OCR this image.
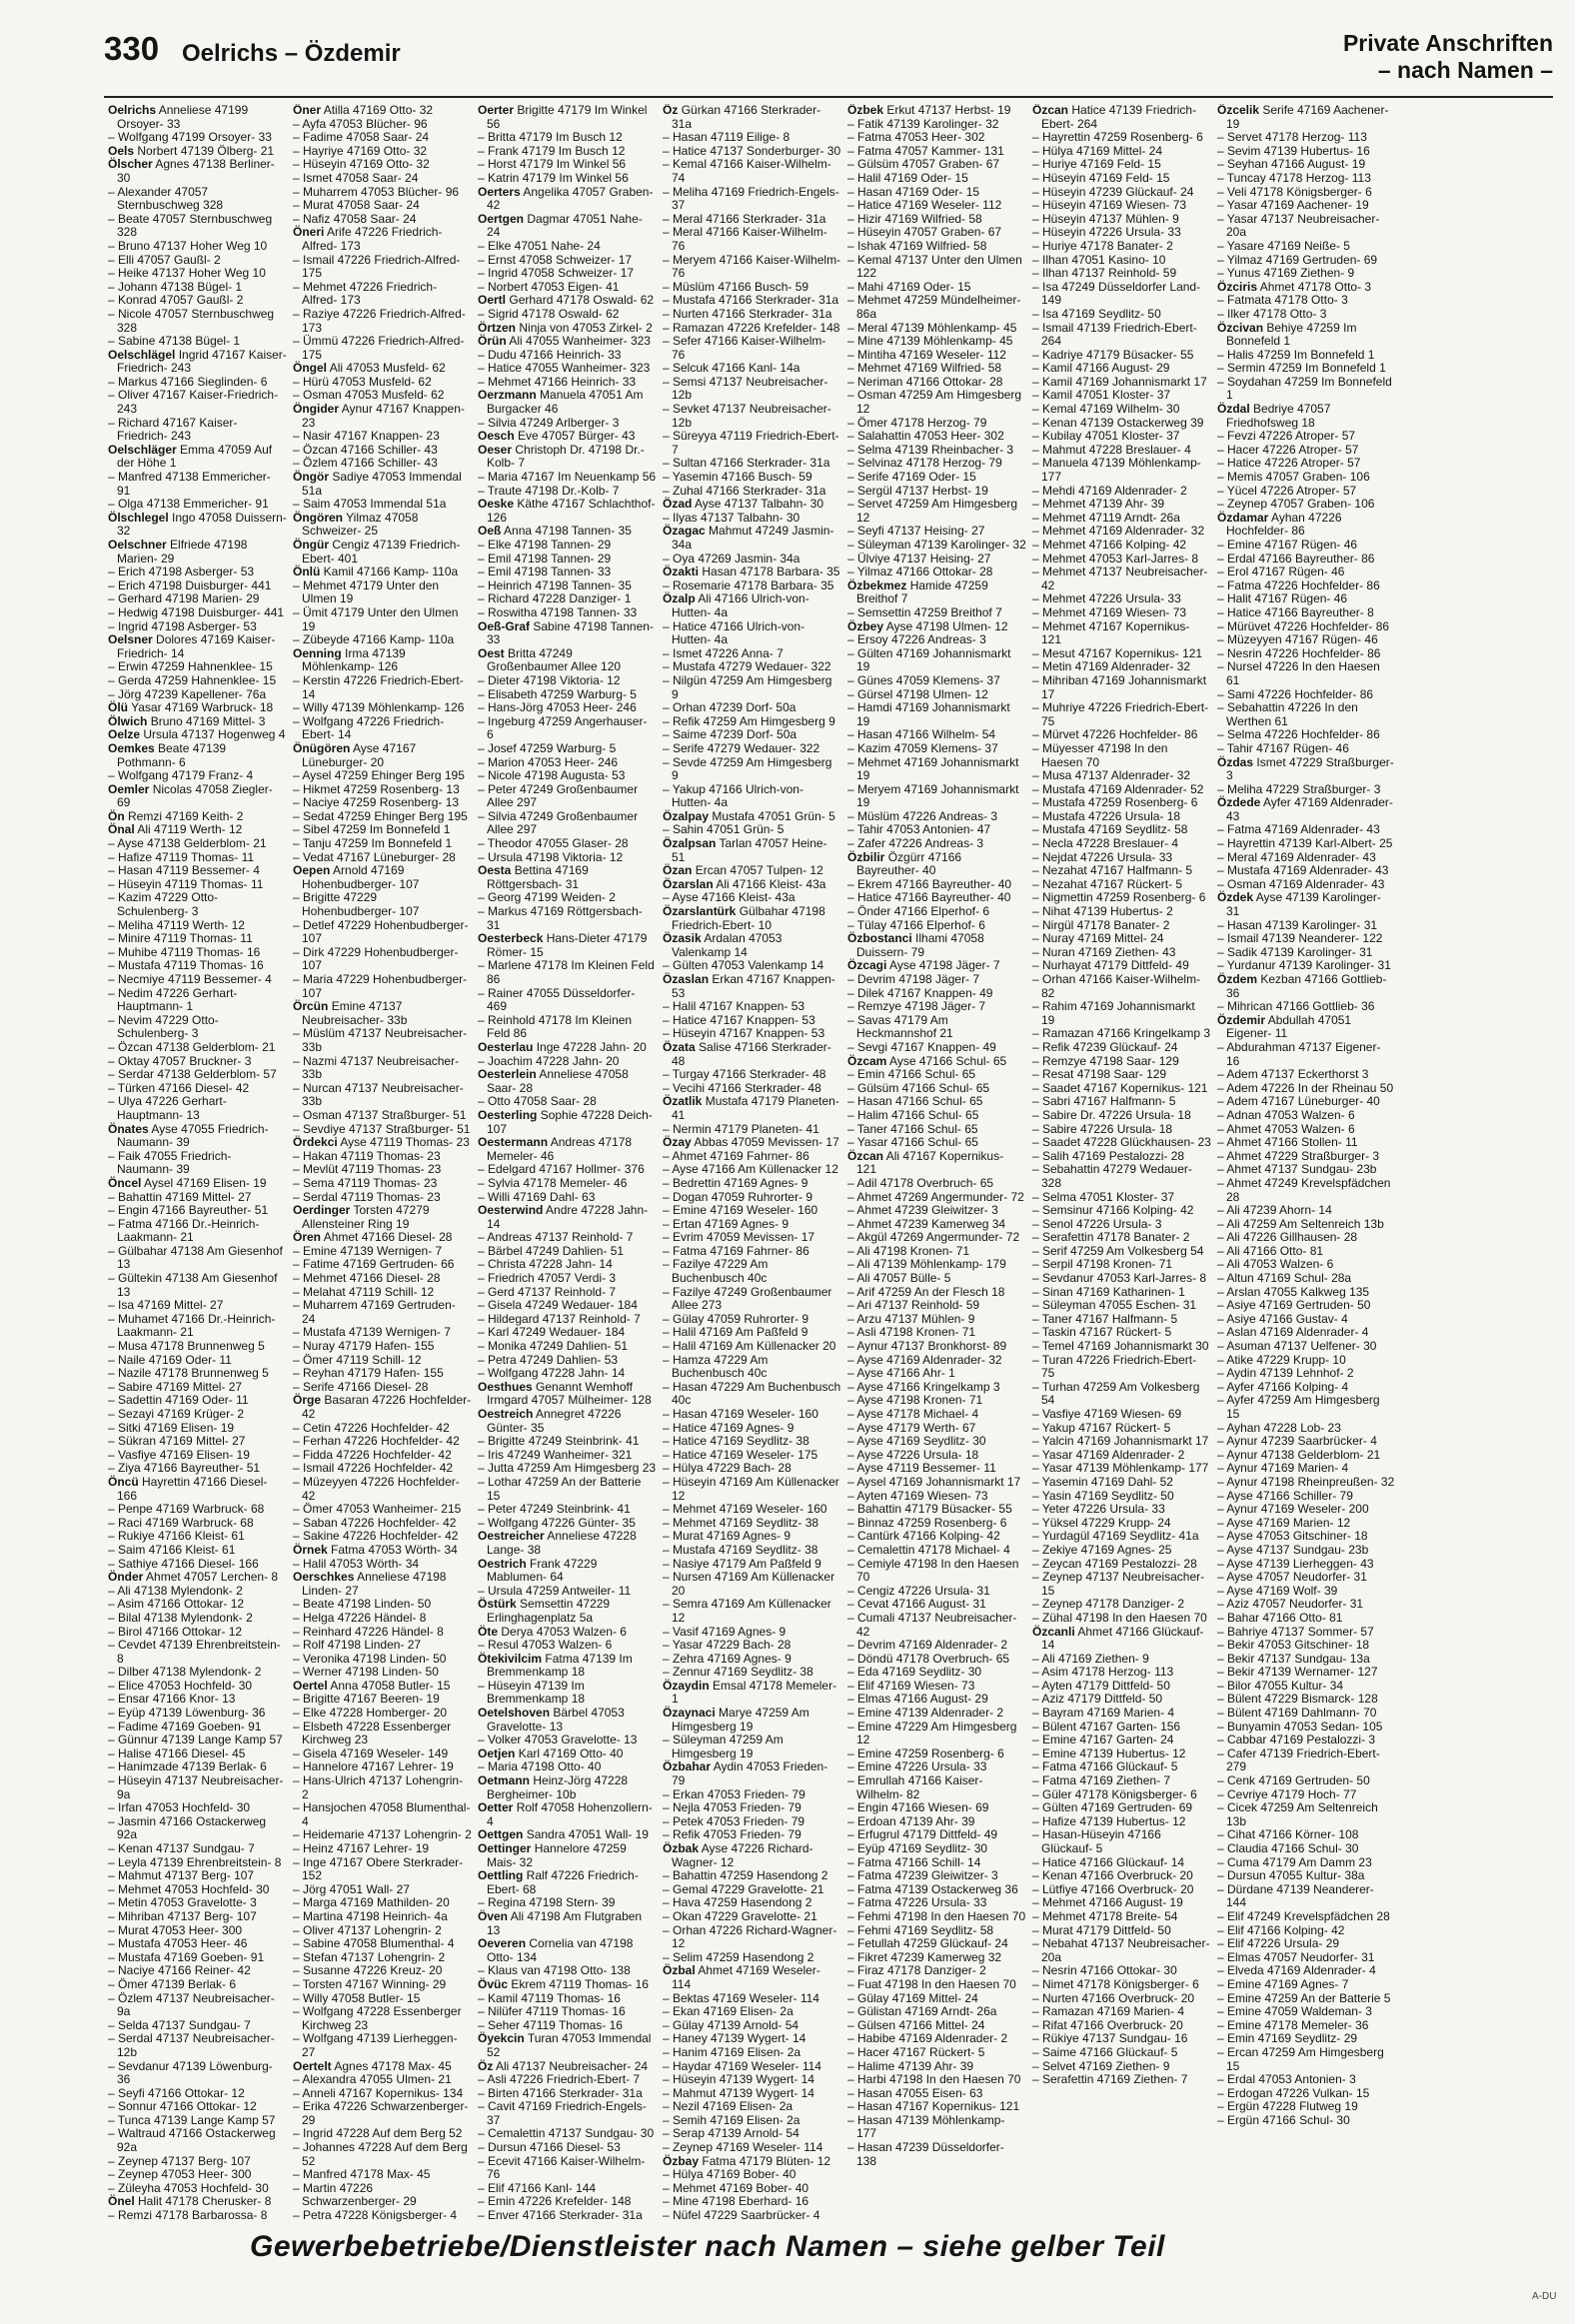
330 Oelrichs – Özdemir	Private Anschriften
– nach Namen –

Oelrichs Anneliese 47199 Orsoyer- 33

– Wolfgang 47199 Orsoyer- 33

Oels Norbert 47139 Ölberg- 21

Ölscher Agnes 47138 Berliner- 30

– Alexander 47057 Sternbuschweg 328

– Beate 47057 Sternbuschweg 328

– Bruno 47137 Hoher Weg 10

– Elli 47057 Gaußl- 2

– Heike 47137 Hoher Weg 10

– Johann 47138 Bügel- 1

– Konrad 47057 Gaußl- 2

– Nicole 47057 Sternbuschweg 328

– Sabine 47138 Bügel- 1

Oelschlägel Ingrid 47167 Kaiser-Friedrich- 243

– Markus 47166 Sieglinden- 6

– Oliver 47167 Kaiser-Friedrich- 243

– Richard 47167 Kaiser-Friedrich- 243

Oelschläger Emma 47059 Auf der Höhe 1

– Manfred 47138 Emmericher- 91

– Olga 47138 Emmericher- 91

Ölschlegel Ingo 47058 Duissern- 32

Oelschner Elfriede 47198 Marien- 29

– Erich 47198 Asberger- 53

– Erich 47198 Duisburger- 441

– Gerhard 47198 Marien- 29

– Hedwig 47198 Duisburger- 441

– Ingrid 47198 Asberger- 53

Oelsner Dolores 47169 Kaiser-Friedrich- 14

– Erwin 47259 Hahnenklee- 15

– Gerda 47259 Hahnenklee- 15

– Jörg 47239 Kapellener- 76a

Ölü Yasar 47169 Warbruck- 18

Ölwich Bruno 47169 Mittel- 3

Oelze Ursula 47137 Hogenweg 4

Oemkes Beate 47139 Pothmann- 6

– Wolfgang 47179 Franz- 4

Oemler Nicolas 47058 Ziegler- 69

Ön Remzi 47169 Keith- 2

Önal Ali 47119 Werth- 12

– Ayse 47138 Gelderblom- 21

– Hafize 47119 Thomas- 11

– Hasan 47119 Bessemer- 4

– Hüseyin 47119 Thomas- 11

– Kazim 47229 Otto-Schulenberg- 3

– Meliha 47119 Werth- 12

– Minire 47119 Thomas- 11

– Muhibe 47119 Thomas- 16

– Mustafa 47119 Thomas- 16

– Necmiye 47119 Bessemer- 4

– Nedim 47226 Gerhart-Hauptmann- 1

– Nevim 47229 Otto-Schulenberg- 3

– Özcan 47138 Gelderblom- 21

– Oktay 47057 Bruckner- 3

– Serdar 47138 Gelderblom- 57

– Türken 47166 Diesel- 42

– Ulya 47226 Gerhart-Hauptmann- 13

Önates Ayse 47055 Friedrich-Naumann- 39

– Faik 47055 Friedrich-Naumann- 39

Öncel Aysel 47169 Elisen- 19

– Bahattin 47169 Mittel- 27

– Engin 47166 Bayreuther- 51

– Fatma 47166 Dr.-Heinrich-Laakmann- 21

– Gülbahar 47138 Am Giesenhof 13

– Gültekin 47138 Am Giesenhof 13

– Isa 47169 Mittel- 27

– Muhamet 47166 Dr.-Heinrich-Laakmann- 21

– Musa 47178 Brunnenweg 5

– Naile 47169 Oder- 11

– Nazile 47178 Brunnenweg 5

– Sabire 47169 Mittel- 27

– Sadettin 47169 Oder- 11

– Sezayi 47169 Krüger- 2

– Sitki 47169 Elisen- 19

– Sükran 47169 Mittel- 27

– Vasfiye 47169 Elisen- 19

– Ziya 47166 Bayreuther- 51

Öncü Hayrettin 47166 Diesel- 166

– Penpe 47169 Warbruck- 68

– Raci 47169 Warbruck- 68

– Rukiye 47166 Kleist- 61

– Saim 47166 Kleist- 61

– Sathiye 47166 Diesel- 166

Önder Ahmet 47057 Lerchen- 8

– Ali 47138 Mylendonk- 2

– Asim 47166 Ottokar- 12

– Bilal 47138 Mylendonk- 2

– Birol 47166 Ottokar- 12

– Cevdet 47139 Ehrenbreitstein- 8

– Dilber 47138 Mylendonk- 2

– Elice 47053 Hochfeld- 30

– Ensar 47166 Knor- 13

– Eyüp 47139 Löwenburg- 36

– Fadime 47169 Goeben- 91

– Günnur 47139 Lange Kamp 57

– Halise 47166 Diesel- 45

– Hanimzade 47139 Berlak- 6

– Hüseyin 47137 Neubreisacher- 9a

– Irfan 47053 Hochfeld- 30

– Jasmin 47166 Ostackerweg 92a

– Kenan 47137 Sundgau- 7

– Leyla 47139 Ehrenbreitstein- 8

– Mahmut 47137 Berg- 107

– Mehmet 47053 Hochfeld- 30

– Metin 47053 Gravelotte- 3

– Mihriban 47137 Berg- 107

– Murat 47053 Heer- 300

– Mustafa 47053 Heer- 46

– Mustafa 47169 Goeben- 91

– Naciye 47166 Reiner- 42

– Ömer 47139 Berlak- 6

– Özlem 47137 Neubreisacher- 9a

– Selda 47137 Sundgau- 7

– Serdal 47137 Neubreisacher- 12b

– Sevdanur 47139 Löwenburg- 36

– Seyfi 47166 Ottokar- 12

– Sonnur 47166 Ottokar- 12

– Tunca 47139 Lange Kamp 57

– Waltraud 47166 Ostackerweg 92a

– Zeynep 47137 Berg- 107

– Zeynep 47053 Heer- 300

– Züleyha 47053 Hochfeld- 30

Önel Halit 47178 Cherusker- 8

– Remzi 47178 Barbarossa- 8

Öner Atilla 47169 Otto- 32

– Ayfa 47053 Blücher- 96

– Fadime 47058 Saar- 24

– Hayriye 47169 Otto- 32

– Hüseyin 47169 Otto- 32

– Ismet 47058 Saar- 24

– Muharrem 47053 Blücher- 96

– Murat 47058 Saar- 24

– Nafiz 47058 Saar- 24

Öneri Arife 47226 Friedrich-Alfred- 173

– Ismail 47226 Friedrich-Alfred- 175

– Mehmet 47226 Friedrich-Alfred- 173

– Raziye 47226 Friedrich-Alfred- 173

– Ümmü 47226 Friedrich-Alfred- 175

Öngel Ali 47053 Musfeld- 62

– Hürü 47053 Musfeld- 62

– Osman 47053 Musfeld- 62

Öngider Aynur 47167 Knappen- 23

– Nasir 47167 Knappen- 23

– Özcan 47166 Schiller- 43

– Özlem 47166 Schiller- 43

Öngör Sadiye 47053 Immendal 51a

– Saim 47053 Immendal 51a

Öngören Yilmaz 47058 Schweizer- 25

Öngür Cengiz 47139 Friedrich-Ebert- 401

Önlü Kamil 47166 Kamp- 110a

– Mehmet 47179 Unter den Ulmen 19

– Ümit 47179 Unter den Ulmen 19

– Zübeyde 47166 Kamp- 110a

Oenning Irma 47139 Möhlenkamp- 126

– Kerstin 47226 Friedrich-Ebert- 14

– Willy 47139 Möhlenkamp- 126

– Wolfgang 47226 Friedrich-Ebert- 14

Önügören Ayse 47167 Lüneburger- 20

– Aysel 47259 Ehinger Berg 195

– Hikmet 47259 Rosenberg- 13

– Naciye 47259 Rosenberg- 13

– Sedat 47259 Ehinger Berg 195

– Sibel 47259 Im Bonnefeld 1

– Tanju 47259 Im Bonnefeld 1

– Vedat 47167 Lüneburger- 28

Oepen Arnold 47169 Hohenbudberger- 107

– Brigitte 47229 Hohenbudberger- 107

– Detlef 47229 Hohenbudberger- 107

– Dirk 47229 Hohenbudberger- 107

– Maria 47229 Hohenbudberger- 107

Örcün Emine 47137 Neubreisacher- 33b

– Müslüm 47137 Neubreisacher- 33b

– Nazmi 47137 Neubreisacher- 33b

– Nurcan 47137 Neubreisacher- 33b

– Osman 47137 Straßburger- 51

– Sevdiye 47137 Straßburger- 51

Ördekci Ayse 47119 Thomas- 23

– Hakan 47119 Thomas- 23

– Mevlüt 47119 Thomas- 23

– Sema 47119 Thomas- 23

– Serdal 47119 Thomas- 23

Oerdinger Torsten 47279 Allensteiner Ring 19

Ören Ahmet 47166 Diesel- 28

– Emine 47139 Wernigen- 7

– Fatime 47169 Gertruden- 66

– Mehmet 47166 Diesel- 28

– Melahat 47119 Schill- 12

– Muharrem 47169 Gertruden- 24

– Mustafa 47139 Wernigen- 7

– Nuray 47179 Hafen- 155

– Ömer 47119 Schill- 12

– Reyhan 47179 Hafen- 155

– Serife 47166 Diesel- 28

Örge Basaran 47226 Hochfelder- 42

– Cetin 47226 Hochfelder- 42

– Ferhan 47226 Hochfelder- 42

– Fidda 47226 Hochfelder- 42

– Ismail 47226 Hochfelder- 42

– Müzeyyen 47226 Hochfelder- 42

– Ömer 47053 Wanheimer- 215

– Saban 47226 Hochfelder- 42

– Sakine 47226 Hochfelder- 42

Örnek Fatma 47053 Wörth- 34

– Halil 47053 Wörth- 34

Oerschkes Anneliese 47198 Linden- 27

– Beate 47198 Linden- 50

– Helga 47226 Händel- 8

– Reinhard 47226 Händel- 8

– Rolf 47198 Linden- 27

– Veronika 47198 Linden- 50

– Werner 47198 Linden- 50

Oertel Anna 47058 Butler- 15

– Brigitte 47167 Beeren- 19

– Elke 47228 Homberger- 20

– Elsbeth 47228 Essenberger Kirchweg 23

– Gisela 47169 Weseler- 149

– Hannelore 47167 Lehrer- 19

– Hans-Ulrich 47137 Lohengrin- 2

– Hansjochen 47058 Blumenthal- 4

– Heidemarie 47137 Lohengrin- 2

– Heinz 47167 Lehrer- 19

– Inge 47167 Obere Sterkrader- 152

– Jörg 47051 Wall- 27

– Marga 47169 Mathilden- 20

– Martina 47198 Heinrich- 4a

– Oliver 47137 Lohengrin- 2

– Sabine 47058 Blumenthal- 4

– Stefan 47137 Lohengrin- 2

– Susanne 47226 Kreuz- 20

– Torsten 47167 Winning- 29

– Willy 47058 Butler- 15

– Wolfgang 47228 Essenberger Kirchweg 23

– Wolfgang 47139 Lierheggen- 27

Oertelt Agnes 47178 Max- 45

– Alexandra 47055 Ulmen- 21

– Anneli 47167 Kopernikus- 134

– Erika 47226 Schwarzenberger- 29

– Ingrid 47228 Auf dem Berg 52

– Johannes 47228 Auf dem Berg 52

– Manfred 47178 Max- 45

– Martin 47226 Schwarzenberger- 29

– Petra 47228 Königsberger- 4

Oerter Brigitte 47179 Im Winkel 56

– Britta 47179 Im Busch 12

– Frank 47179 Im Busch 12

– Horst 47179 Im Winkel 56

– Katrin 47179 Im Winkel 56

Oerters Angelika 47057 Graben- 42

Oertgen Dagmar 47051 Nahe- 24

– Elke 47051 Nahe- 24

– Ernst 47058 Schweizer- 17

– Ingrid 47058 Schweizer- 17

– Norbert 47053 Eigen- 41

Oertl Gerhard 47178 Oswald- 62

– Sigrid 47178 Oswald- 62

Örtzen Ninja von 47053 Zirkel- 2

Örün Ali 47055 Wanheimer- 323

– Dudu 47166 Heinrich- 33

– Hatice 47055 Wanheimer- 323

– Mehmet 47166 Heinrich- 33

Oerzmann Manuela 47051 Am Burgacker 46

– Silvia 47249 Arlberger- 3

Oesch Eve 47057 Bürger- 43

Oeser Christoph Dr. 47198 Dr.-Kolb- 7

– Maria 47167 Im Neuenkamp 56

– Traute 47198 Dr.-Kolb- 7

Oeske Käthe 47167 Schlachthof- 126

Oeß Anna 47198 Tannen- 35

– Elke 47198 Tannen- 29

– Emil 47198 Tannen- 29

– Emil 47198 Tannen- 33

– Heinrich 47198 Tannen- 35

– Richard 47228 Danziger- 1

– Roswitha 47198 Tannen- 33

Oeß-Graf Sabine 47198 Tannen- 33

Oest Britta 47249 Großenbaumer Allee 120

– Dieter 47198 Viktoria- 12

– Elisabeth 47259 Warburg- 5

– Hans-Jörg 47053 Heer- 246

– Ingeburg 47259 Angerhauser- 6

– Josef 47259 Warburg- 5

– Marion 47053 Heer- 246

– Nicole 47198 Augusta- 53

– Peter 47249 Großenbaumer Allee 297

– Silvia 47249 Großenbaumer Allee 297

– Theodor 47055 Glaser- 28

– Ursula 47198 Viktoria- 12

Oesta Bettina 47169 Röttgersbach- 31

– Georg 47199 Weiden- 2

– Markus 47169 Röttgersbach- 31

Oesterbeck Hans-Dieter 47179 Römer- 15

– Marlene 47178 Im Kleinen Feld 86

– Rainer 47055 Düsseldorfer- 469

– Reinhold 47178 Im Kleinen Feld 86

Oesterlau Inge 47228 Jahn- 20

– Joachim 47228 Jahn- 20

Oesterlein Anneliese 47058 Saar- 28

– Otto 47058 Saar- 28

Oesterling Sophie 47228 Deich- 107

Oestermann Andreas 47178 Memeler- 46

– Edelgard 47167 Hollmer- 376

– Sylvia 47178 Memeler- 46

– Willi 47169 Dahl- 63

Oesterwind Andre 47228 Jahn- 14

– Andreas 47137 Reinhold- 7

– Bärbel 47249 Dahlien- 51

– Christa 47228 Jahn- 14

– Friedrich 47057 Verdi- 3

– Gerd 47137 Reinhold- 7

– Gisela 47249 Wedauer- 184

– Hildegard 47137 Reinhold- 7

– Karl 47249 Wedauer- 184

– Monika 47249 Dahlien- 51

– Petra 47249 Dahlien- 53

– Wolfgang 47228 Jahn- 14

Oesthues Genannt Wemhoff Irmgard 47057 Mülheimer- 128

Oestreich Annegret 47226 Günter- 35

– Brigitte 47249 Steinbrink- 41

– Iris 47249 Wanheimer- 321

– Jutta 47259 Am Himgesberg 23

– Lothar 47259 An der Batterie 15

– Peter 47249 Steinbrink- 41

– Wolfgang 47226 Günter- 35

Oestreicher Anneliese 47228 Lange- 38

Oestrich Frank 47229 Mablumen- 64

– Ursula 47259 Antweiler- 11

Östürk Semsettin 47229 Erlinghagenplatz 5a

Öte Derya 47053 Walzen- 6

– Resul 47053 Walzen- 6

Ötekivilcim Fatma 47139 Im Bremmenkamp 18

– Hüseyin 47139 Im Bremmenkamp 18

Oetelshoven Bärbel 47053 Gravelotte- 13

– Volker 47053 Gravelotte- 13

Oetjen Karl 47169 Otto- 40

– Maria 47198 Otto- 40

Oetmann Heinz-Jörg 47228 Bergheimer- 10b

Oetter Rolf 47058 Hohenzollern- 4

Oettgen Sandra 47051 Wall- 19

Oettinger Hannelore 47259 Mais- 32

Oettling Ralf 47226 Friedrich-Ebert- 68

– Regina 47198 Stern- 39

Öven Ali 47198 Am Flutgraben 13

Oeveren Cornelia van 47198 Otto- 134

– Klaus van 47198 Otto- 138

Övüc Ekrem 47119 Thomas- 16

– Kamil 47119 Thomas- 16

– Nilüfer 47119 Thomas- 16

– Seher 47119 Thomas- 16

Öyekcin Turan 47053 Immendal 52

Öz Ali 47137 Neubreisacher- 24

– Asli 47226 Friedrich-Ebert- 7

– Birten 47166 Sterkrader- 31a

– Cavit 47169 Friedrich-Engels- 37

– Cemalettin 47137 Sundgau- 30

– Dursun 47166 Diesel- 53

– Ecevit 47166 Kaiser-Wilhelm- 76

– Elif 47166 Kanl- 144

– Emin 47226 Krefelder- 148

– Enver 47166 Sterkrader- 31a

Öz Gürkan 47166 Sterkrader- 31a

– Hasan 47119 Eilige- 8

– Hatice 47137 Sonderburger- 30

– Kemal 47166 Kaiser-Wilhelm- 74

– Meliha 47169 Friedrich-Engels- 37

– Meral 47166 Sterkrader- 31a

– Meral 47166 Kaiser-Wilhelm- 76

– Meryem 47166 Kaiser-Wilhelm- 76

– Müslüm 47166 Busch- 59

– Mustafa 47166 Sterkrader- 31a

– Nurten 47166 Sterkrader- 31a

– Ramazan 47226 Krefelder- 148

– Sefer 47166 Kaiser-Wilhelm- 76

– Selcuk 47166 Kanl- 14a

– Semsi 47137 Neubreisacher- 12b

– Sevket 47137 Neubreisacher- 12b

– Süreyya 47119 Friedrich-Ebert- 7

– Sultan 47166 Sterkrader- 31a

– Yasemin 47166 Busch- 59

– Zuhal 47166 Sterkrader- 31a

Özad Ayse 47137 Talbahn- 30

– Ilyas 47137 Talbahn- 30

Özagac Mahmut 47249 Jasmin- 34a

– Oya 47269 Jasmin- 34a

Özakti Hasan 47178 Barbara- 35

– Rosemarie 47178 Barbara- 35

Özalp Ali 47166 Ulrich-von-Hutten- 4a

– Hatice 47166 Ulrich-von-Hutten- 4a

– Ismet 47226 Anna- 7

– Mustafa 47279 Wedauer- 322

– Nilgün 47259 Am Himgesberg 9

– Orhan 47239 Dorf- 50a

– Refik 47259 Am Himgesberg 9

– Saime 47239 Dorf- 50a

– Serife 47279 Wedauer- 322

– Sevde 47259 Am Himgesberg 9

– Yakup 47166 Ulrich-von-Hutten- 4a

Özalpay Mustafa 47051 Grün- 5

– Sahin 47051 Grün- 5

Özalpsan Tarlan 47057 Heine- 51

Özan Ercan 47057 Tulpen- 12

Özarslan Ali 47166 Kleist- 43a

– Ayse 47166 Kleist- 43a

Özarslantürk Gülbahar 47198 Friedrich-Ebert- 10

Özasik Ardalan 47053 Valenkamp 14

– Gülten 47053 Valenkamp 14

Özaslan Erkan 47167 Knappen- 53

– Halil 47167 Knappen- 53

– Hatice 47167 Knappen- 53

– Hüseyin 47167 Knappen- 53

Özata Salise 47166 Sterkrader- 48

– Turgay 47166 Sterkrader- 48

– Vecihi 47166 Sterkrader- 48

Özatlik Mustafa 47179 Planeten- 41

– Nermin 47179 Planeten- 41

Özay Abbas 47059 Mevissen- 17

– Ahmet 47169 Fahrner- 86

– Ayse 47166 Am Küllenacker 12

– Bedrettin 47169 Agnes- 9

– Dogan 47059 Ruhrorter- 9

– Emine 47169 Weseler- 160

– Ertan 47169 Agnes- 9

– Evrim 47059 Mevissen- 17

– Fatma 47169 Fahrner- 86

– Fazilye 47229 Am Buchenbusch 40c

– Fazilye 47249 Großenbaumer Allee 273

– Gülay 47059 Ruhrorter- 9

– Halil 47169 Am Paßfeld 9

– Halil 47169 Am Küllenacker 20

– Hamza 47229 Am Buchenbusch 40c

– Hasan 47229 Am Buchenbusch 40c

– Hasan 47169 Weseler- 160

– Hatice 47169 Agnes- 9

– Hatice 47169 Seydlitz- 38

– Hatice 47169 Weseler- 175

– Hülya 47229 Bach- 28

– Hüseyin 47169 Am Küllenacker 12

– Mehmet 47169 Weseler- 160

– Mehmet 47169 Seydlitz- 38

– Murat 47169 Agnes- 9

– Mustafa 47169 Seydlitz- 38

– Nasiye 47179 Am Paßfeld 9

– Nursen 47169 Am Küllenacker 20

– Semra 47169 Am Küllenacker 12

– Vasif 47169 Agnes- 9

– Yasar 47229 Bach- 28

– Zehra 47169 Agnes- 9

– Zennur 47169 Seydlitz- 38

Özaydin Emsal 47178 Memeler- 1

Özaynaci Marye 47259 Am Himgesberg 19

– Süleyman 47259 Am Himgesberg 19

Özbahar Aydin 47053 Frieden- 79

– Erkan 47053 Frieden- 79

– Nejla 47053 Frieden- 79

– Petek 47053 Frieden- 79

– Refik 47053 Frieden- 79

Özbak Ayse 47226 Richard-Wagner- 12

– Bahattin 47259 Hasendong 2

– Gemal 47229 Gravelotte- 21

– Hava 47259 Hasendong 2

– Okan 47229 Gravelotte- 21

– Orhan 47226 Richard-Wagner- 12

– Selim 47259 Hasendong 2

Özbal Ahmet 47169 Weseler- 114

– Bektas 47169 Weseler- 114

– Ekan 47169 Elisen- 2a

– Gülay 47139 Arnold- 54

– Haney 47139 Wygert- 14

– Hanim 47169 Elisen- 2a

– Haydar 47169 Weseler- 114

– Hüseyin 47139 Wygert- 14

– Mahmut 47139 Wygert- 14

– Nezil 47169 Elisen- 2a

– Semih 47169 Elisen- 2a

– Serap 47139 Arnold- 54

– Zeynep 47169 Weseler- 114

Özbay Fatma 47179 Blüten- 12

– Hülya 47169 Bober- 40

– Mehmet 47169 Bober- 40

– Mine 47198 Eberhard- 16

– Nüfel 47229 Saarbrücker- 4

Özbek Erkut 47137 Herbst- 19

– Fatik 47139 Karolinger- 32

– Fatma 47053 Heer- 302

– Fatma 47057 Kammer- 131

– Gülsüm 47057 Graben- 67

– Halil 47169 Oder- 15

– Hasan 47169 Oder- 15

– Hatice 47169 Weseler- 112

– Hizir 47169 Wilfried- 58

– Hüseyin 47057 Graben- 67

– Ishak 47169 Wilfried- 58

– Kemal 47137 Unter den Ulmen 122

– Mahi 47169 Oder- 15

– Mehmet 47259 Mündelheimer- 86a

– Meral 47139 Möhlenkamp- 45

– Mine 47139 Möhlenkamp- 45

– Mintiha 47169 Weseler- 112

– Mehmet 47169 Wilfried- 58

– Neriman 47166 Ottokar- 28

– Osman 47259 Am Himgesberg 12

– Ömer 47178 Herzog- 79

– Salahattin 47053 Heer- 302

– Selma 47139 Rheinbacher- 3

– Selvinaz 47178 Herzog- 79

– Serife 47169 Oder- 15

– Sergül 47137 Herbst- 19

– Servet 47259 Am Himgesberg 12

– Seyfi 47137 Heising- 27

– Süleyman 47139 Karolinger- 32

– Ülviye 47137 Heising- 27

– Yilmaz 47166 Ottokar- 28

Özbekmez Hamide 47259 Breithof 7

– Semsettin 47259 Breithof 7

Özbey Ayse 47198 Ulmen- 12

– Ersoy 47226 Andreas- 3

– Gülten 47169 Johannismarkt 19

– Günes 47059 Klemens- 37

– Gürsel 47198 Ulmen- 12

– Hamdi 47169 Johannismarkt 19

– Hasan 47166 Wilhelm- 54

– Kazim 47059 Klemens- 37

– Mehmet 47169 Johannismarkt 19

– Meryem 47169 Johannismarkt 19

– Müslüm 47226 Andreas- 3

– Tahir 47053 Antonien- 47

– Zafer 47226 Andreas- 3

Özbilir Özgürr 47166 Bayreuther- 40

– Ekrem 47166 Bayreuther- 40

– Hatice 47166 Bayreuther- 40

– Önder 47166 Elperhof- 6

– Tülay 47166 Elperhof- 6

Özbostanci Ilhami 47058 Duissern- 79

Özcagi Ayse 47198 Jäger- 7

– Devrim 47198 Jäger- 7

– Dilek 47167 Knappen- 49

– Remzye 47198 Jäger- 7

– Savas 47179 Am Heckmannshof 21

– Sevgi 47167 Knappen- 49

Özcam Ayse 47166 Schul- 65

– Emin 47166 Schul- 65

– Gülsüm 47166 Schul- 65

– Hasan 47166 Schul- 65

– Halim 47166 Schul- 65

– Taner 47166 Schul- 65

– Yasar 47166 Schul- 65

Özcan Ali 47167 Kopernikus- 121

– Adil 47178 Overbruch- 65

– Ahmet 47269 Angermunder- 72

– Ahmet 47239 Gleiwitzer- 3

– Ahmet 47239 Kamerweg 34

– Akgül 47269 Angermunder- 72

– Ali 47198 Kronen- 71

– Ali 47139 Möhlenkamp- 179

– Ali 47057 Bülle- 5

– Arif 47259 An der Flesch 18

– Ari 47137 Reinhold- 59

– Arzu 47137 Mühlen- 9

– Asli 47198 Kronen- 71

– Aynur 47137 Bronkhorst- 89

– Ayse 47169 Aldenrader- 32

– Ayse 47166 Ahr- 1

– Ayse 47166 Kringelkamp 3

– Ayse 47198 Kronen- 71

– Ayse 47178 Michael- 4

– Ayse 47179 Werth- 67

– Ayse 47169 Seydlitz- 30

– Ayse 47226 Ursula- 18

– Ayse 47119 Bessemer- 11

– Aysel 47169 Johannismarkt 17

– Ayten 47169 Wiesen- 73

– Bahattin 47179 Büsacker- 55

– Binnaz 47259 Rosenberg- 6

– Cantürk 47166 Kolping- 42

– Cemalettin 47178 Michael- 4

– Cemiyle 47198 In den Haesen 70

– Cengiz 47226 Ursula- 31

– Cevat 47166 August- 31

– Cumali 47137 Neubreisacher- 42

– Devrim 47169 Aldenrader- 2

– Döndü 47178 Overbruch- 65

– Eda 47169 Seydlitz- 30

– Elif 47169 Wiesen- 73

– Elmas 47166 August- 29

– Emine 47139 Aldenrader- 2

– Emine 47229 Am Himgesberg 12

– Emine 47259 Rosenberg- 6

– Emine 47226 Ursula- 33

– Emrullah 47166 Kaiser-Wilhelm- 82

– Engin 47166 Wiesen- 69

– Erdoan 47139 Ahr- 39

– Erfugrul 47179 Dittfeld- 49

– Eyüp 47169 Seydlitz- 30

– Fatma 47166 Schill- 14

– Fatma 47239 Gleiwitzer- 3

– Fatma 47139 Ostackerweg 36

– Fatma 47226 Ursula- 33

– Fehmi 47198 In den Haesen 70

– Fehmi 47169 Seydlitz- 58

– Fetullah 47259 Glückauf- 24

– Fikret 47239 Kamerweg 32

– Firaz 47178 Danziger- 2

– Fuat 47198 In den Haesen 70

– Gülay 47169 Mittel- 24

– Gülistan 47169 Arndt- 26a

– Gülsen 47166 Mittel- 24

– Habibe 47169 Aldenrader- 2

– Hacer 47167 Rückert- 5

– Halime 47139 Ahr- 39

– Harbi 47198 In den Haesen 70

– Hasan 47055 Eisen- 63

– Hasan 47167 Kopernikus- 121

– Hasan 47139 Möhlenkamp- 177

– Hasan 47239 Düsseldorfer- 138

Özcan Hatice 47139 Friedrich-Ebert- 264

– Hayrettin 47259 Rosenberg- 6

– Hülya 47169 Mittel- 24

– Huriye 47169 Feld- 15

– Hüseyin 47169 Feld- 15

– Hüseyin 47239 Glückauf- 24

– Hüseyin 47169 Wiesen- 73

– Hüseyin 47137 Mühlen- 9

– Hüseyin 47226 Ursula- 33

– Huriye 47178 Banater- 2

– Ilhan 47051 Kasino- 10

– Ilhan 47137 Reinhold- 59

– Isa 47249 Düsseldorfer Land- 149

– Isa 47169 Seydlitz- 50

– Ismail 47139 Friedrich-Ebert- 264

– Kadriye 47179 Büsacker- 55

– Kamil 47166 August- 29

– Kamil 47169 Johannismarkt 17

– Kamil 47051 Kloster- 37

– Kemal 47169 Wilhelm- 30

– Kenan 47139 Ostackerweg 39

– Kubilay 47051 Kloster- 37

– Mahmut 47228 Breslauer- 4

– Manuela 47139 Möhlenkamp- 177

– Mehdi 47169 Aldenrader- 2

– Mehmet 47139 Ahr- 39

– Mehmet 47119 Arndt- 26a

– Mehmet 47169 Aldenrader- 32

– Mehmet 47166 Kolping- 42

– Mehmet 47053 Karl-Jarres- 8

– Mehmet 47137 Neubreisacher- 42

– Mehmet 47226 Ursula- 33

– Mehmet 47169 Wiesen- 73

– Mehmet 47167 Kopernikus- 121

– Mesut 47167 Kopernikus- 121

– Metin 47169 Aldenrader- 32

– Mihriban 47169 Johannismarkt 17

– Muhriye 47226 Friedrich-Ebert- 75

– Mürvet 47226 Hochfelder- 86

– Müyesser 47198 In den Haesen 70

– Musa 47137 Aldenrader- 32

– Mustafa 47169 Aldenrader- 52

– Mustafa 47259 Rosenberg- 6

– Mustafa 47226 Ursula- 18

– Mustafa 47169 Seydlitz- 58

– Necla 47228 Breslauer- 4

– Nejdat 47226 Ursula- 33

– Nezahat 47167 Halfmann- 5

– Nezahat 47167 Rückert- 5

– Nigmettin 47259 Rosenberg- 6

– Nihat 47139 Hubertus- 2

– Nirgül 47178 Banater- 2

– Nuray 47169 Mittel- 24

– Nuran 47169 Ziethen- 43

– Nurhayat 47179 Dittfeld- 49

– Orhan 47166 Kaiser-Wilhelm- 82

– Rahim 47169 Johannismarkt 19

– Ramazan 47166 Kringelkamp 3

– Refik 47239 Glückauf- 24

– Remzye 47198 Saar- 129

– Resat 47198 Saar- 129

– Saadet 47167 Kopernikus- 121

– Sabri 47167 Halfmann- 5

– Sabire Dr. 47226 Ursula- 18

– Sabire 47226 Ursula- 18

– Saadet 47228 Glückhausen- 23

– Salih 47169 Pestalozzi- 28

– Sebahattin 47279 Wedauer- 328

– Selma 47051 Kloster- 37

– Semsinur 47166 Kolping- 42

– Senol 47226 Ursula- 3

– Serafettin 47178 Banater- 2

– Serif 47259 Am Volkesberg 54

– Serpil 47198 Kronen- 71

– Sevdanur 47053 Karl-Jarres- 8

– Sinan 47169 Katharinen- 1

– Süleyman 47055 Eschen- 31

– Taner 47167 Halfmann- 5

– Taskin 47167 Rückert- 5

– Temel 47169 Johannismarkt 30

– Turan 47226 Friedrich-Ebert- 75

– Turhan 47259 Am Volkesberg 54

– Vasfiye 47169 Wiesen- 69

– Yakup 47167 Rückert- 5

– Yalcin 47169 Johannismarkt 17

– Yasar 47169 Aldenrader- 2

– Yasar 47139 Möhlenkamp- 177

– Yasemin 47169 Dahl- 52

– Yasin 47169 Seydlitz- 50

– Yeter 47226 Ursula- 33

– Yüksel 47229 Krupp- 24

– Yurdagül 47169 Seydlitz- 41a

– Zekiye 47169 Agnes- 25

– Zeycan 47169 Pestalozzi- 28

– Zeynep 47137 Neubreisacher- 15

– Zeynep 47178 Danziger- 2

– Zühal 47198 In den Haesen 70

Özcanli Ahmet 47166 Glückauf- 14

– Ali 47169 Ziethen- 9

– Asim 47178 Herzog- 113

– Ayten 47179 Dittfeld- 50

– Aziz 47179 Dittfeld- 50

– Bayram 47169 Marien- 4

– Bülent 47167 Garten- 156

– Emine 47167 Garten- 24

– Emine 47139 Hubertus- 12

– Fatma 47166 Glückauf- 5

– Fatma 47169 Ziethen- 7

– Güler 47178 Königsberger- 6

– Gülten 47169 Gertruden- 69

– Hafize 47139 Hubertus- 12

– Hasan-Hüseyin 47166 Glückauf- 5

– Hatice 47166 Glückauf- 14

– Kenan 47166 Overbruck- 20

– Lütfiye 47166 Overbruck- 20

– Mehmet 47166 August- 19

– Mehmet 47178 Breite- 54

– Murat 47179 Dittfeld- 50

– Nebahat 47137 Neubreisacher- 20a

– Nesrin 47166 Ottokar- 30

– Nimet 47178 Königsberger- 6

– Nurten 47166 Overbruck- 20

– Ramazan 47169 Marien- 4

– Rifat 47166 Overbruck- 20

– Rükiye 47137 Sundgau- 16

– Saime 47166 Glückauf- 5

– Selvet 47169 Ziethen- 9

– Serafettin 47169 Ziethen- 7

Özcelik Serife 47169 Aachener- 19

– Servet 47178 Herzog- 113

– Sevim 47139 Hubertus- 16

– Seyhan 47166 August- 19

– Tuncay 47178 Herzog- 113

– Veli 47178 Königsberger- 6

– Yasar 47169 Aachener- 19

– Yasar 47137 Neubreisacher- 20a

– Yasare 47169 Neiße- 5

– Yilmaz 47169 Gertruden- 69

– Yunus 47169 Ziethen- 9

Özciris Ahmet 47178 Otto- 3

– Fatmata 47178 Otto- 3

– Ilker 47178 Otto- 3

Özcivan Behiye 47259 Im Bonnefeld 1

– Halis 47259 Im Bonnefeld 1

– Sermin 47259 Im Bonnefeld 1

– Soydahan 47259 Im Bonnefeld 1

Özdal Bedriye 47057 Friedhofsweg 18

– Fevzi 47226 Atroper- 57

– Hacer 47226 Atroper- 57

– Hatice 47226 Atroper- 57

– Memis 47057 Graben- 106

– Yücel 47226 Atroper- 57

– Zeynep 47057 Graben- 106

Özdamar Ayhan 47226 Hochfelder- 86

– Emine 47167 Rügen- 46

– Erdal 47166 Bayreuther- 86

– Erol 47167 Rügen- 46

– Fatma 47226 Hochfelder- 86

– Halit 47167 Rügen- 46

– Hatice 47166 Bayreuther- 8

– Mürüvet 47226 Hochfelder- 86

– Müzeyyen 47167 Rügen- 46

– Nesrin 47226 Hochfelder- 86

– Nursel 47226 In den Haesen 61

– Sami 47226 Hochfelder- 86

– Sebahattin 47226 In den Werthen 61

– Selma 47226 Hochfelder- 86

– Tahir 47167 Rügen- 46

Özdas Ismet 47229 Straßburger- 3

– Meliha 47229 Straßburger- 3

Özdede Ayfer 47169 Aldenrader- 43

– Fatma 47169 Aldenrader- 43

– Hayrettin 47139 Karl-Albert- 25

– Meral 47169 Aldenrader- 43

– Mustafa 47169 Aldenrader- 43

– Osman 47169 Aldenrader- 43

Özdek Ayse 47139 Karolinger- 31

– Hasan 47139 Karolinger- 31

– Ismail 47139 Neanderer- 122

– Sadik 47139 Karolinger- 31

– Yurdanur 47139 Karolinger- 31

Özdem Kezban 47166 Gottlieb- 36

– Mihrican 47166 Gottlieb- 36

Özdemir Abdullah 47051 Eigener- 11

– Abdurahman 47137 Eigener- 16

– Adem 47137 Eckerthorst 3

– Adem 47226 In der Rheinau 50

– Adem 47167 Lüneburger- 40

– Adnan 47053 Walzen- 6

– Ahmet 47053 Walzen- 6

– Ahmet 47166 Stollen- 11

– Ahmet 47229 Straßburger- 3

– Ahmet 47137 Sundgau- 23b

– Ahmet 47249 Krevelspfädchen 28

– Ali 47239 Ahorn- 14

– Ali 47259 Am Seltenreich 13b

– Ali 47226 Gillhausen- 28

– Ali 47166 Otto- 81

– Ali 47053 Walzen- 6

– Altun 47169 Schul- 28a

– Arslan 47055 Kalkweg 135

– Asiye 47169 Gertruden- 50

– Asiye 47166 Gustav- 4

– Aslan 47169 Aldenrader- 4

– Asuman 47137 Uelfener- 30

– Atike 47229 Krupp- 10

– Aydin 47139 Lehnhof- 2

– Ayfer 47166 Kolping- 4

– Ayfer 47259 Am Himgesberg 15

– Ayhan 47228 Lob- 23

– Aynur 47239 Saarbrücker- 4

– Aynur 47138 Gelderblom- 21

– Aynur 47169 Marien- 4

– Aynur 47198 Rheinpreußen- 32

– Ayse 47166 Schiller- 79

– Aynur 47169 Weseler- 200

– Ayse 47169 Marien- 12

– Ayse 47053 Gitschiner- 18

– Ayse 47137 Sundgau- 23b

– Ayse 47139 Lierheggen- 43

– Ayse 47057 Neudorfer- 31

– Ayse 47169 Wolf- 39

– Aziz 47057 Neudorfer- 31

– Bahar 47166 Otto- 81

– Bahriye 47137 Sommer- 57

– Bekir 47053 Gitschiner- 18

– Bekir 47137 Sundgau- 13a

– Bekir 47139 Wernamer- 127

– Bilor 47055 Kultur- 34

– Bülent 47229 Bismarck- 128

– Bülent 47169 Dahlmann- 70

– Bunyamin 47053 Sedan- 105

– Cabbar 47169 Pestalozzi- 3

– Cafer 47139 Friedrich-Ebert- 279

– Cenk 47169 Gertruden- 50

– Cevriye 47179 Hoch- 77

– Cicek 47259 Am Seltenreich 13b

– Cihat 47166 Körner- 108

– Claudia 47166 Schul- 30

– Cuma 47179 Am Damm 23

– Dursun 47055 Kultur- 38a

– Dürdane 47139 Neanderer- 144

– Elif 47249 Krevelspfädchen 28

– Elif 47166 Kolping- 42

– Elif 47226 Ursula- 29

– Elmas 47057 Neudorfer- 31

– Elveda 47169 Aldenrader- 4

– Emine 47169 Agnes- 7

– Emine 47259 An der Batterie 5

– Emine 47059 Waldeman- 3

– Emine 47178 Memeler- 36

– Emin 47169 Seydlitz- 29

– Ercan 47259 Am Himgesberg 15

– Erdal 47053 Antonien- 3

– Erdogan 47226 Vulkan- 15

– Ergün 47228 Flutweg 19

– Ergün 47166 Schul- 30

Gewerbebetriebe/Dienstleister nach Namen – siehe gelber Teil
A-DU
